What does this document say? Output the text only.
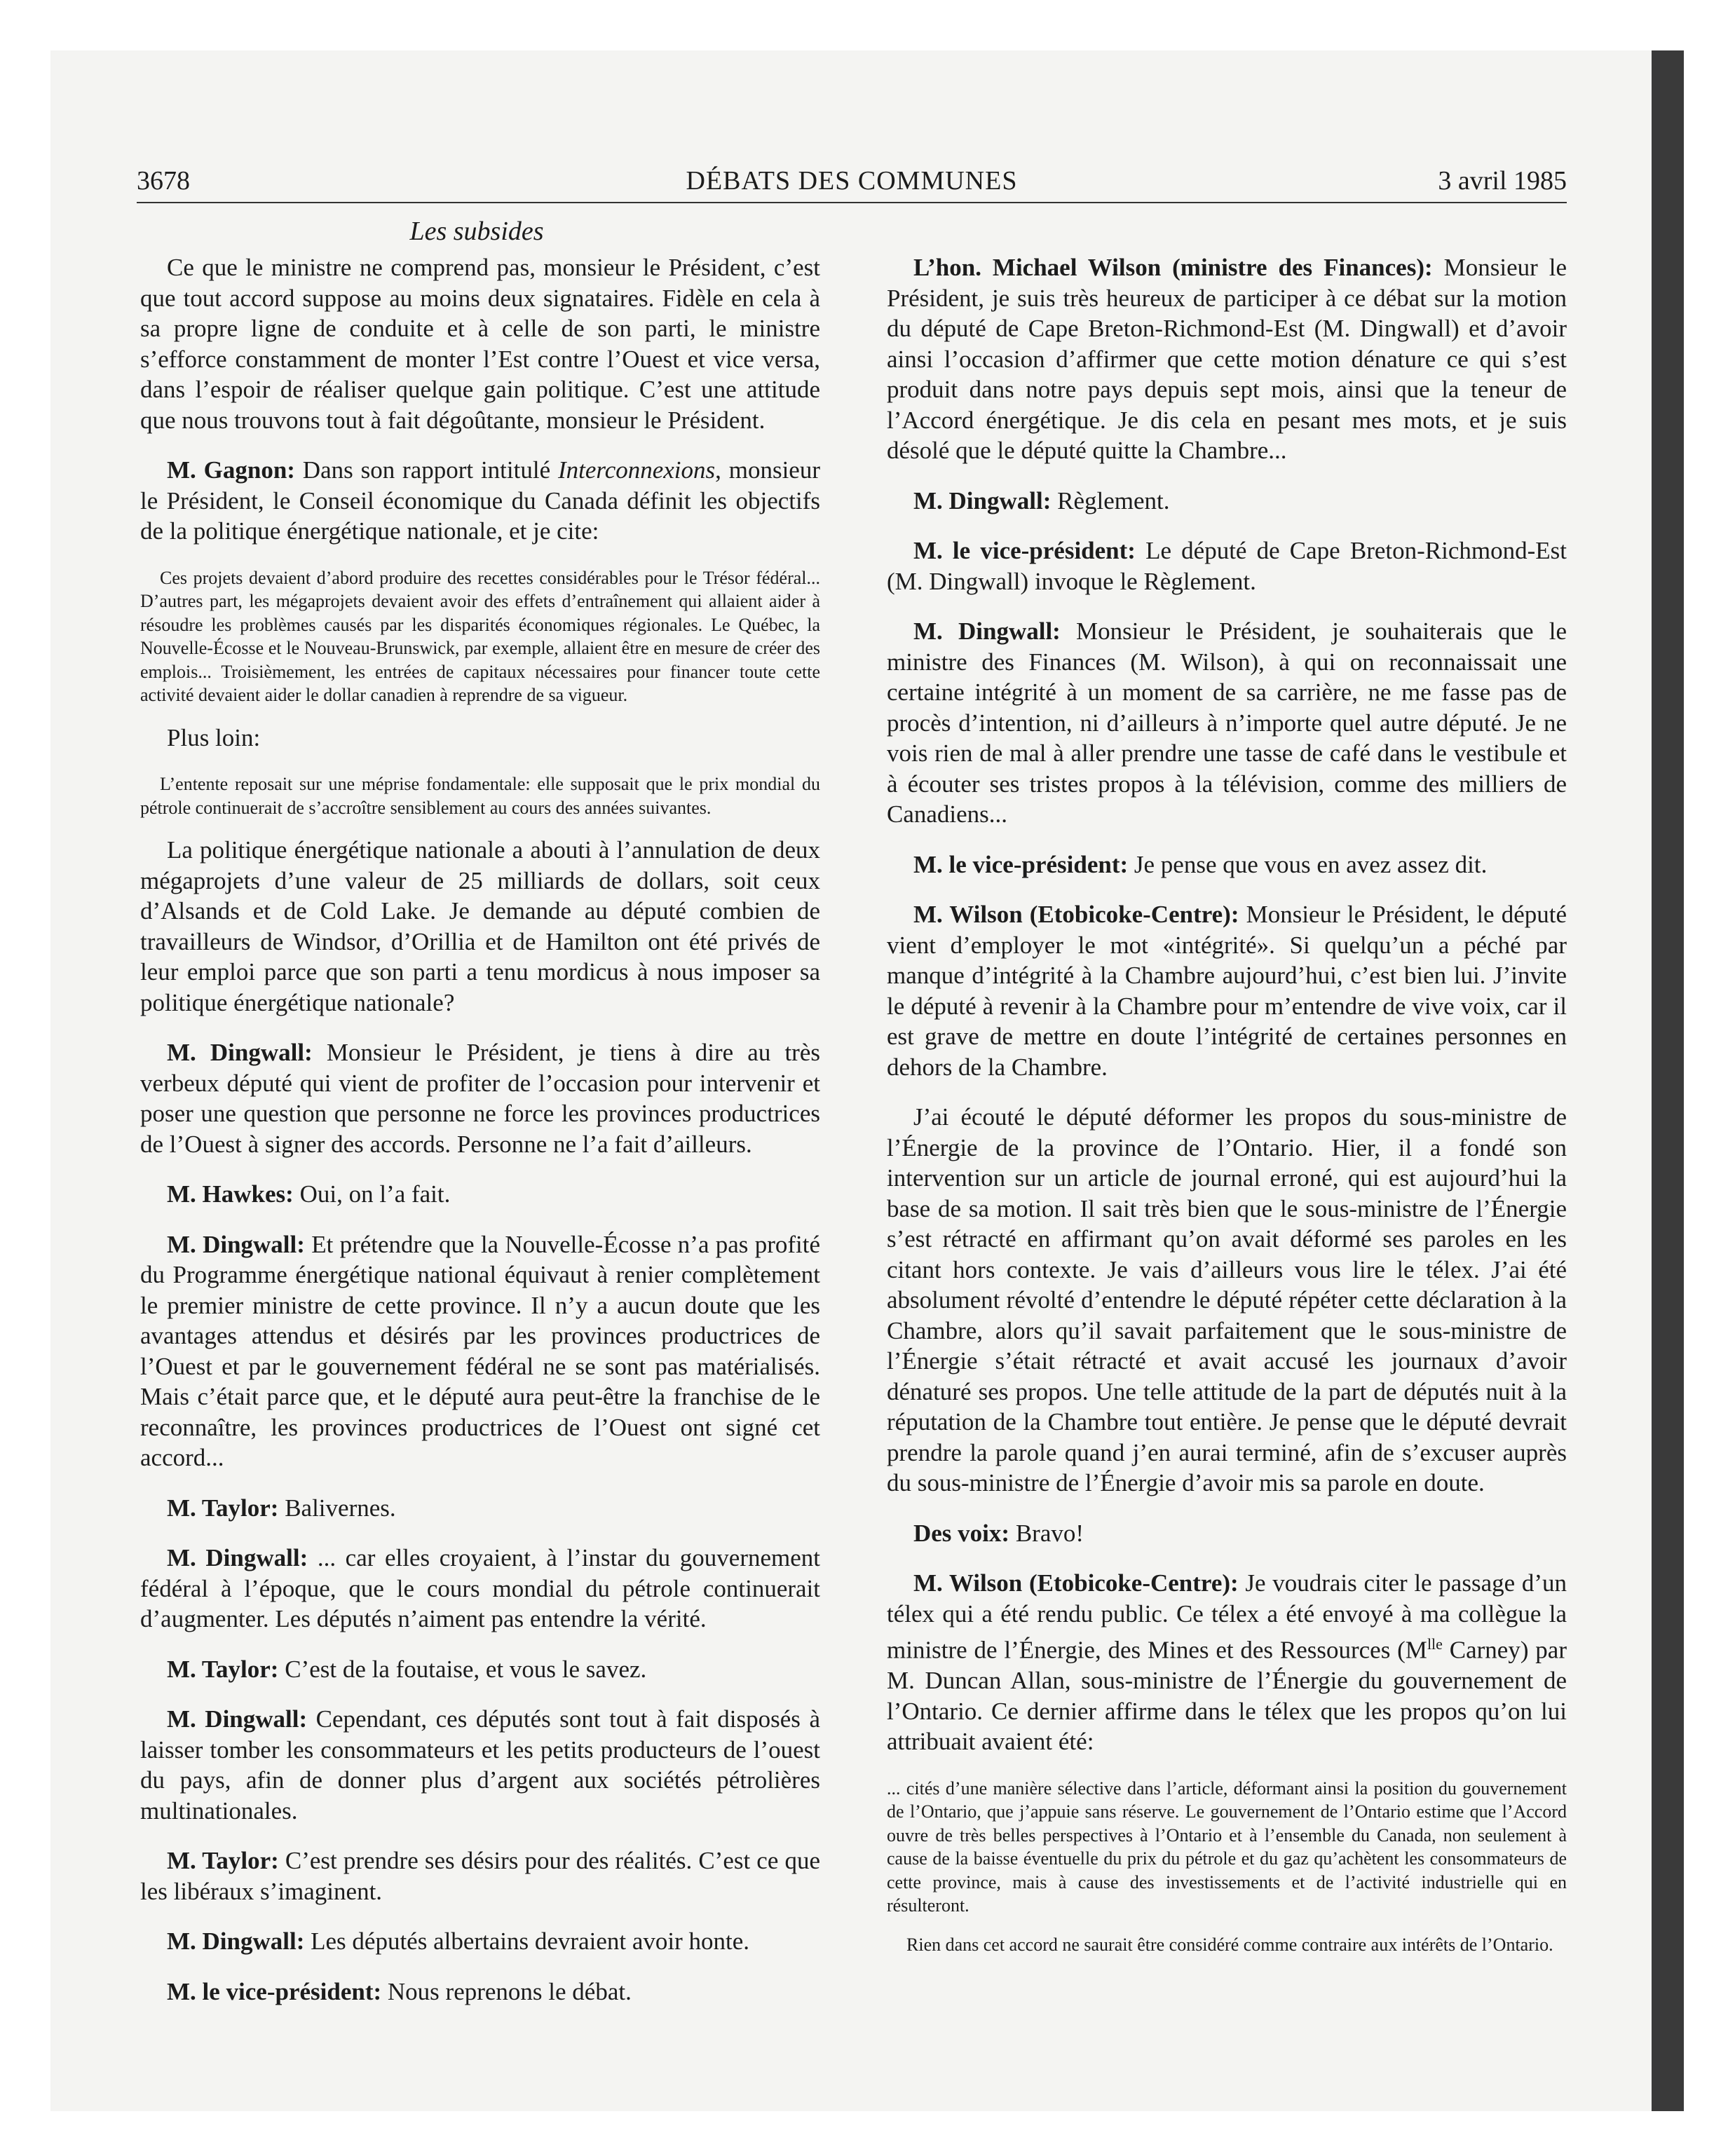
3678	DÉBATS DES COMMUNES	3 avril 1985
Les subsides

Ce que le ministre ne comprend pas, monsieur le Président, c’est que tout accord suppose au moins deux signataires. Fidèle en cela à sa propre ligne de conduite et à celle de son parti, le ministre s’efforce constamment de monter l’Est contre l’Ouest et vice versa, dans l’espoir de réaliser quelque gain politique. C’est une attitude que nous trouvons tout à fait dégoûtante, monsieur le Président.

M. Gagnon: Dans son rapport intitulé Interconnexions, monsieur le Président, le Conseil économique du Canada définit les objectifs de la politique énergétique nationale, et je cite:

Ces projets devaient d’abord produire des recettes considérables pour le Trésor fédéral... D’autres part, les mégaprojets devaient avoir des effets d’entraînement qui allaient aider à résoudre les problèmes causés par les disparités économiques régionales. Le Québec, la Nouvelle-Écosse et le Nouveau-Brunswick, par exemple, allaient être en mesure de créer des emplois... Troisièmement, les entrées de capitaux nécessaires pour financer toute cette activité devaient aider le dollar canadien à reprendre de sa vigueur.

Plus loin:

L’entente reposait sur une méprise fondamentale: elle supposait que le prix mondial du pétrole continuerait de s’accroître sensiblement au cours des années suivantes.

La politique énergétique nationale a abouti à l’annulation de deux mégaprojets d’une valeur de 25 milliards de dollars, soit ceux d’Alsands et de Cold Lake. Je demande au député combien de travailleurs de Windsor, d’Orillia et de Hamilton ont été privés de leur emploi parce que son parti a tenu mordicus à nous imposer sa politique énergétique nationale?

M. Dingwall: Monsieur le Président, je tiens à dire au très verbeux député qui vient de profiter de l’occasion pour intervenir et poser une question que personne ne force les provinces productrices de l’Ouest à signer des accords. Personne ne l’a fait d’ailleurs.

M. Hawkes: Oui, on l’a fait.

M. Dingwall: Et prétendre que la Nouvelle-Écosse n’a pas profité du Programme énergétique national équivaut à renier complètement le premier ministre de cette province. Il n’y a aucun doute que les avantages attendus et désirés par les provinces productrices de l’Ouest et par le gouvernement fédéral ne se sont pas matérialisés. Mais c’était parce que, et le député aura peut-être la franchise de le reconnaître, les provinces productrices de l’Ouest ont signé cet accord...

M. Taylor: Balivernes.

M. Dingwall: ... car elles croyaient, à l’instar du gouvernement fédéral à l’époque, que le cours mondial du pétrole continuerait d’augmenter. Les députés n’aiment pas entendre la vérité.

M. Taylor: C’est de la foutaise, et vous le savez.

M. Dingwall: Cependant, ces députés sont tout à fait disposés à laisser tomber les consommateurs et les petits producteurs de l’ouest du pays, afin de donner plus d’argent aux sociétés pétrolières multinationales.

M. Taylor: C’est prendre ses désirs pour des réalités. C’est ce que les libéraux s’imaginent.

M. Dingwall: Les députés albertains devraient avoir honte.

M. le vice-président: Nous reprenons le débat.

L’hon. Michael Wilson (ministre des Finances): Monsieur le Président, je suis très heureux de participer à ce débat sur la motion du député de Cape Breton-Richmond-Est (M. Dingwall) et d’avoir ainsi l’occasion d’affirmer que cette motion dénature ce qui s’est produit dans notre pays depuis sept mois, ainsi que la teneur de l’Accord énergétique. Je dis cela en pesant mes mots, et je suis désolé que le député quitte la Chambre...

M. Dingwall: Règlement.

M. le vice-président: Le député de Cape Breton-Richmond-Est (M. Dingwall) invoque le Règlement.

M. Dingwall: Monsieur le Président, je souhaiterais que le ministre des Finances (M. Wilson), à qui on reconnaissait une certaine intégrité à un moment de sa carrière, ne me fasse pas de procès d’intention, ni d’ailleurs à n’importe quel autre député. Je ne vois rien de mal à aller prendre une tasse de café dans le vestibule et à écouter ses tristes propos à la télévision, comme des milliers de Canadiens...

M. le vice-président: Je pense que vous en avez assez dit.

M. Wilson (Etobicoke-Centre): Monsieur le Président, le député vient d’employer le mot «intégrité». Si quelqu’un a péché par manque d’intégrité à la Chambre aujourd’hui, c’est bien lui. J’invite le député à revenir à la Chambre pour m’entendre de vive voix, car il est grave de mettre en doute l’intégrité de certaines personnes en dehors de la Chambre.

J’ai écouté le député déformer les propos du sous-ministre de l’Énergie de la province de l’Ontario. Hier, il a fondé son intervention sur un article de journal erroné, qui est aujourd’hui la base de sa motion. Il sait très bien que le sous-ministre de l’Énergie s’est rétracté en affirmant qu’on avait déformé ses paroles en les citant hors contexte. Je vais d’ailleurs vous lire le télex. J’ai été absolument révolté d’entendre le député répéter cette déclaration à la Chambre, alors qu’il savait parfaitement que le sous-ministre de l’Énergie s’était rétracté et avait accusé les journaux d’avoir dénaturé ses propos. Une telle attitude de la part de députés nuit à la réputation de la Chambre tout entière. Je pense que le député devrait prendre la parole quand j’en aurai terminé, afin de s’excuser auprès du sous-ministre de l’Énergie d’avoir mis sa parole en doute.

Des voix: Bravo!

M. Wilson (Etobicoke-Centre): Je voudrais citer le passage d’un télex qui a été rendu public. Ce télex a été envoyé à ma collègue la ministre de l’Énergie, des Mines et des Ressources ($M^{lle}$ Carney) par M. Duncan Allan, sous-ministre de l’Énergie du gouvernement de l’Ontario. Ce dernier affirme dans le télex que les propos qu’on lui attribuait avaient été:

... cités d’une manière sélective dans l’article, déformant ainsi la position du gouvernement de l’Ontario, que j’appuie sans réserve. Le gouvernement de l’Ontario estime que l’Accord ouvre de très belles perspectives à l’Ontario et à l’ensemble du Canada, non seulement à cause de la baisse éventuelle du prix du pétrole et du gaz qu’achètent les consommateurs de cette province, mais à cause des investissements et de l’activité industrielle qui en résulteront.

Rien dans cet accord ne saurait être considéré comme contraire aux intérêts de l’Ontario.
